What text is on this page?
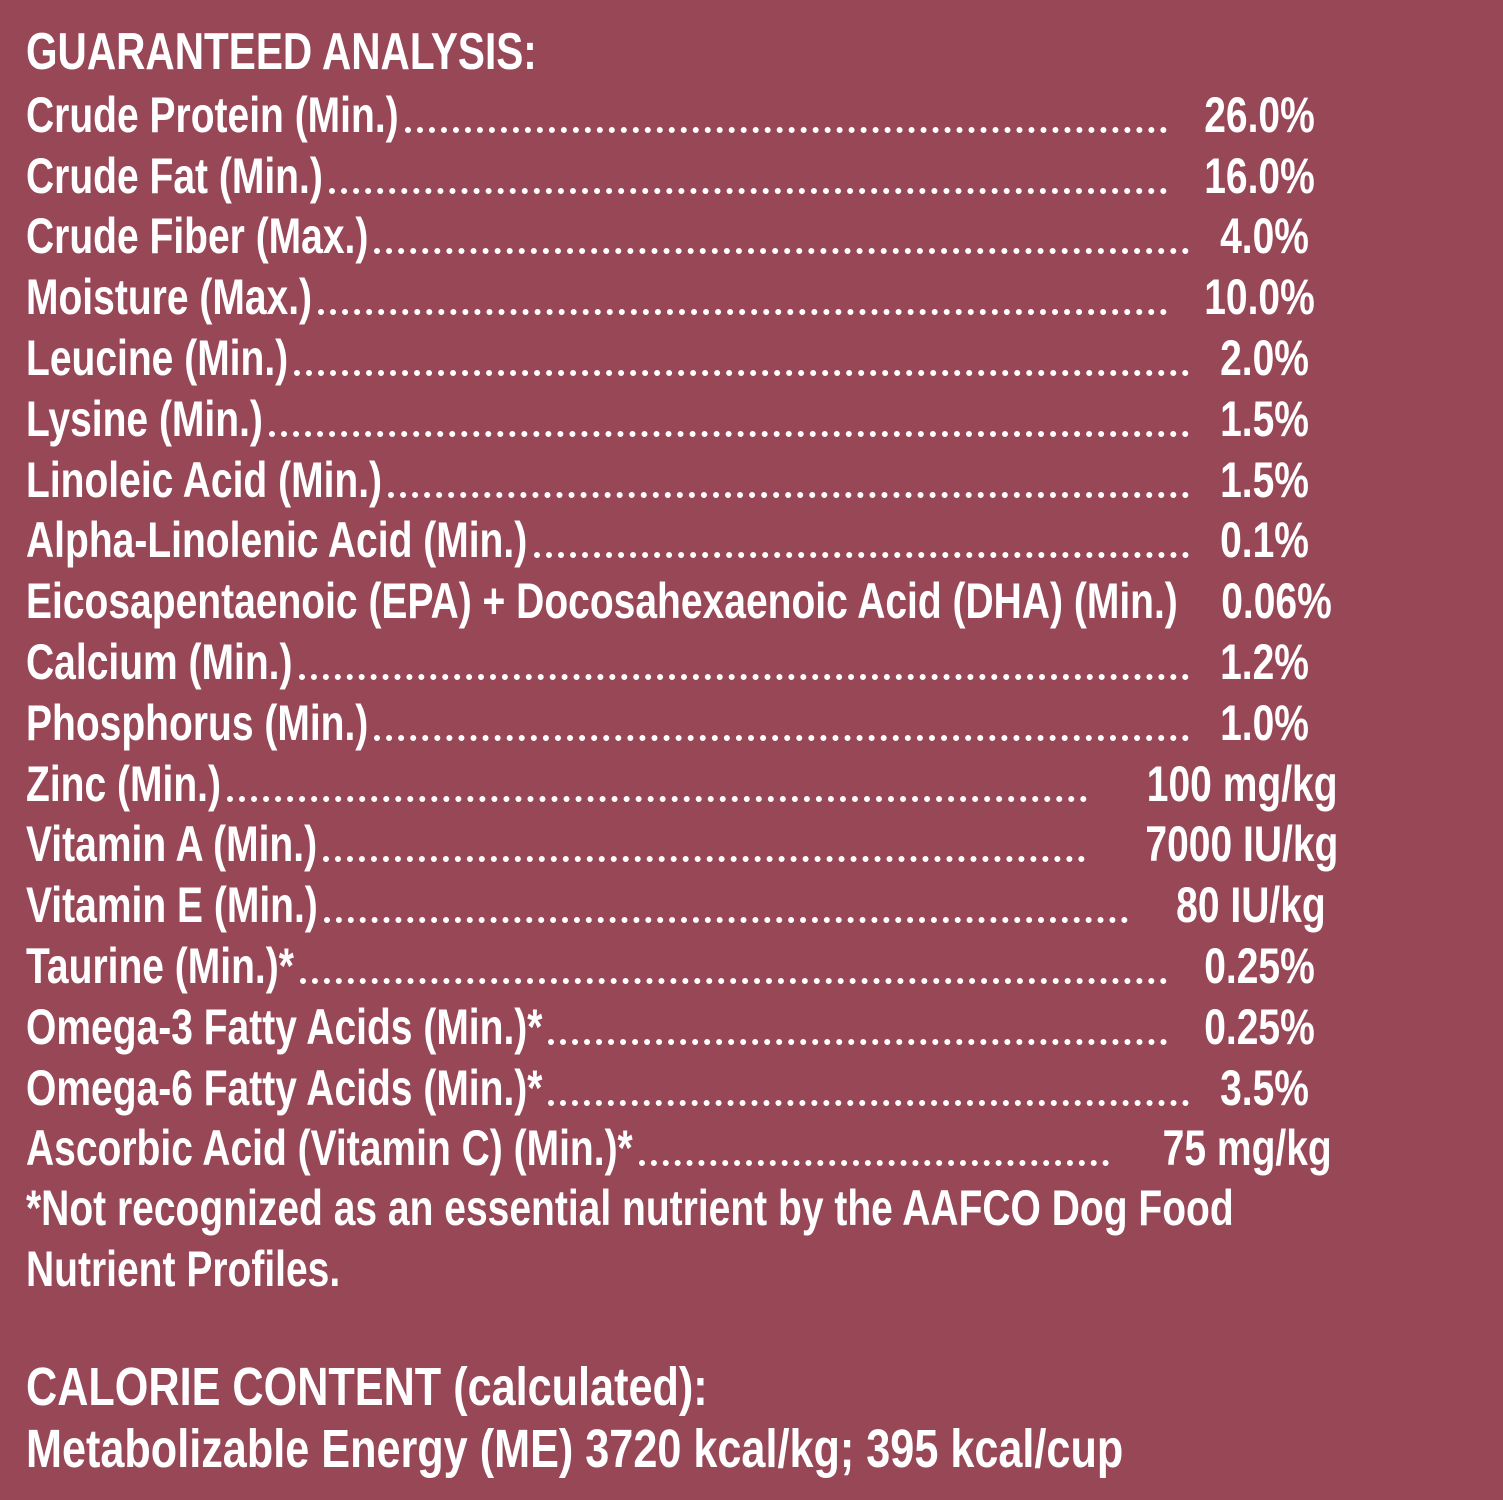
GUARANTEED ANALYSIS:
Crude Protein (Min.)	26.0%
Crude Fat (Min.)	16.0%
Crude Fiber (Max.)	4.0%
Moisture (Max.)	10.0%
Leucine (Min.)	2.0%
Lysine (Min.)	1.5%
Linoleic Acid (Min.)	1.5%
Alpha-Linolenic Acid (Min.)	0.1%
Eicosapentaenoic (EPA) + Docosahexaenoic Acid (DHA) (Min.) 0.06%
Calcium (Min.)	1.2%
Phosphorus (Min.)	1.0%
Zinc (Min.)	100 mg/kg
Vitamin A (Min.)	7000 IU/kg
Vitamin E (Min.)	80 IU/kg
Taurine (Min.)*	0.25%
Omega-3 Fatty Acids (Min.)*	0.25%
Omega-6 Fatty Acids (Min.)*	3.5%
Ascorbic Acid (Vitamin C) (Min.)*	75 mg/kg
*Not recognized as an essential nutrient by the AAFCO Dog Food
Nutrient Profiles.
CALORIE CONTENT (calculated):
Metabolizable Energy (ME) 3720 kcal/kg; 395 kcal/cup
